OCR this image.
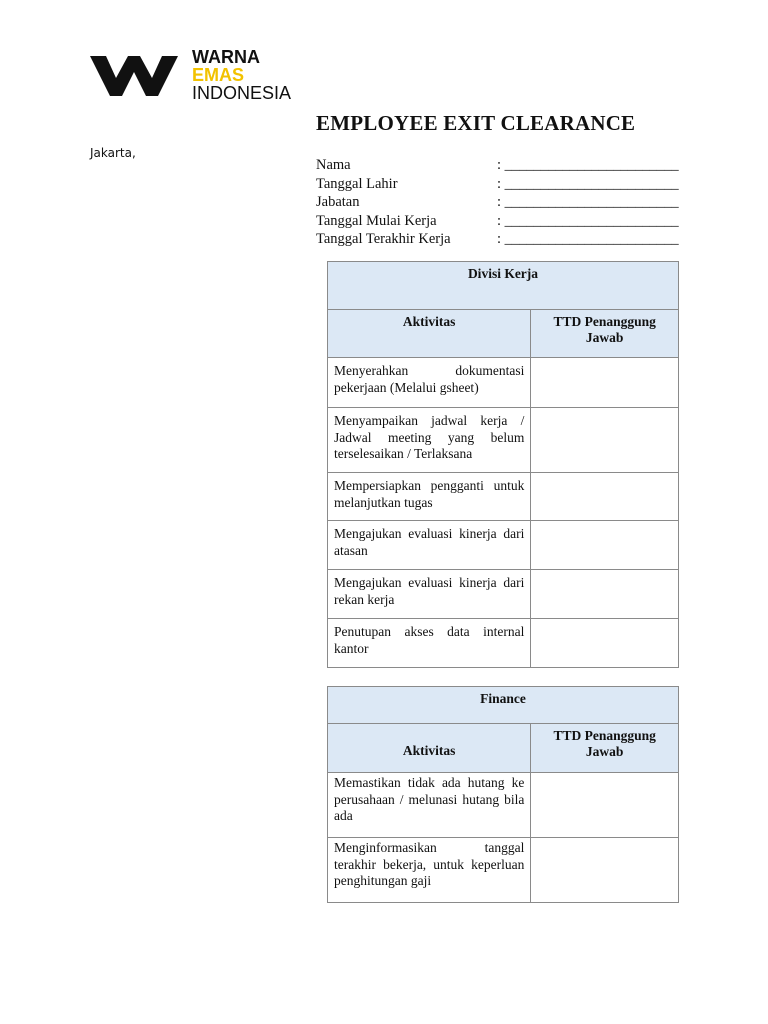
WARNA
EMAS
INDONESIA
Jakarta,
EMPLOYEE EXIT CLEARANCE
Nama	: ________________________
Tanggal Lahir	: ________________________
Jabatan	: ________________________
Tanggal Mulai Kerja	: ________________________
Tanggal Terakhir Kerja	: ________________________
Divisi Kerja	

Aktivitas	TTD Penanggung Jawab

Menyerahkan dokumentasi pekerjaan (Melalui gsheet)	

Menyampaikan jadwal kerja / Jadwal meeting yang belum terselesaikan / Terlaksana	

Mempersiapkan pengganti untuk melanjutkan tugas	

Mengajukan evaluasi kinerja dari atasan	

Mengajukan evaluasi kinerja dari rekan kerja	

Penutupan akses data internal kantor	

Finance	

Aktivitas	TTD Penanggung Jawab

Memastikan tidak ada hutang ke perusahaan / melunasi hutang bila ada	

Menginformasikan tanggal terakhir bekerja, untuk keperluan penghitungan gaji	
